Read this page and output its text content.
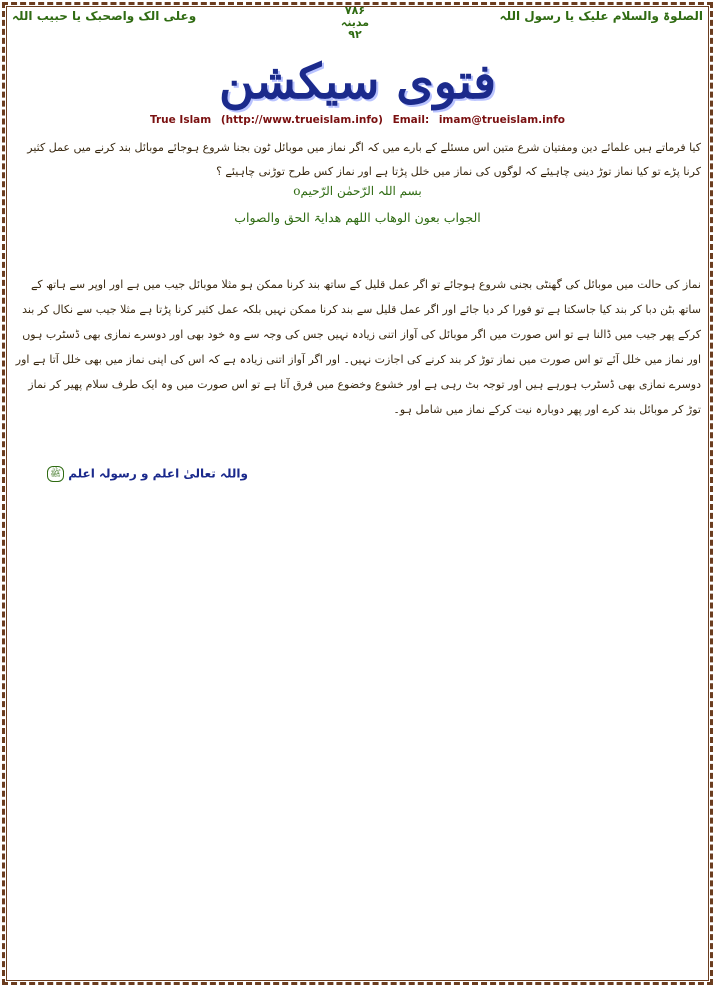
الصلوۃ والسلام علیک یا رسول اللہ
وعلی الک واصحبک یا حبیب اللہ	۷۸۶
مدینہ
۹۲
فتوی سیکشن
True Islam (http://www.trueislam.info) Email: imam@trueislam.info
کیا فرماتے ہیں علمائے دین ومفتیان شرع متین اس مسئلے کے بارے میں کہ اگر نماز میں موبائل ٹون بجنا شروع ہوجائے موبائل بند کرنے میں عمل کثیر کرنا پڑے تو کیا نماز توڑ دینی چاہیئے کہ لوگوں کی نماز میں خلل پڑتا ہے اور نماز کس طرح توڑنی چاہیئے ؟
بسم اللہ الرّحمٰن الرّحیمo
الجواب بعون الوھاب اللھم ھدایۃ الحق والصواب
نماز کی حالت میں موبائل کی گھنٹی بجنی شروع ہوجائے تو اگر عمل قلیل کے ساتھ بند کرنا ممکن ہو مثلا موبائل جیب میں ہے اور اوپر سے ہاتھ کے ساتھ بٹن دبا کر بند کیا جاسکتا ہے تو فورا کر دیا جائے اور اگر عمل قلیل سے بند کرنا ممکن نہیں بلکہ عمل کثیر کرنا پڑتا ہے مثلا جیب سے نکال کر بند کرکے پھر جیب میں ڈالنا ہے تو اس صورت میں اگر موبائل کی آواز اتنی زیادہ نہیں جس کی وجہ سے وہ خود بھی اور دوسرے نمازی بھی ڈسٹرب ہوں اور نماز میں خلل آئے تو اس صورت میں نماز توڑ کر بند کرنے کی اجازت نہیں۔ اور اگر آواز اتنی زیادہ ہے کہ اس کی اپنی نماز میں بھی خلل آتا ہے اور دوسرے نمازی بھی ڈسٹرب ہورہے ہیں اور توجہ بٹ رہی ہے اور خشوع وخضوع میں فرق آتا ہے تو اس صورت میں وہ ایک طرف سلام پھیر کر نماز توڑ کر موبائل بند کرے اور پھر دوبارہ نیت کرکے نماز میں شامل ہو۔
واللہ تعالیٰ اعلم و رسولہ اعلم ﷺ
